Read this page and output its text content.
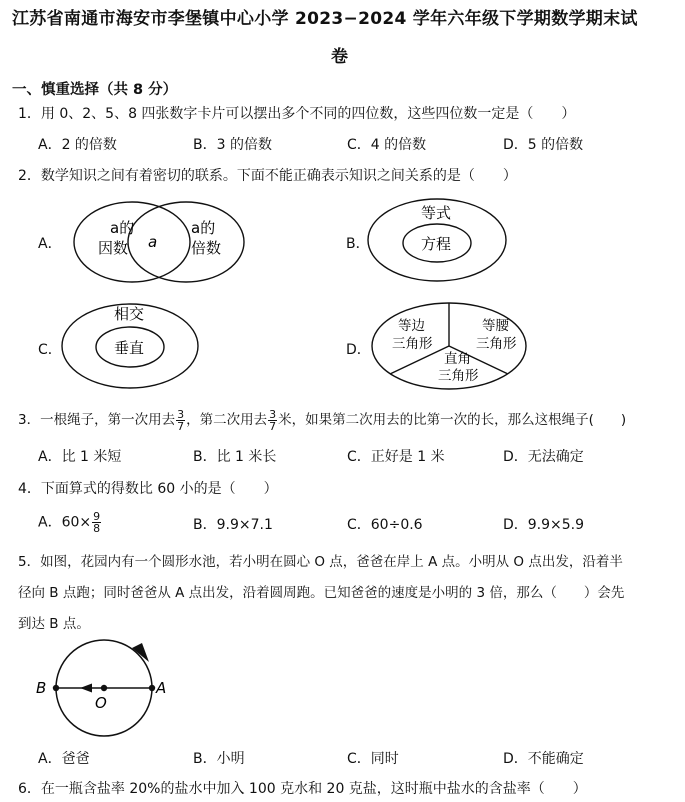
江苏省南通市海安市李堡镇中心小学 2023−2024 学年六年级下学期数学期末试
卷
一、慎重选择（共 8 分）
1．用 0、2、5、8 四张数字卡片可以摆出多个不同的四位数，这些四位数一定是（　　）
A．2 的倍数	B．3 的倍数	C．4 的倍数	D．5 的倍数
2．数学知识之间有着密切的联系。下面不能正确表示知识之间关系的是（　　）
A．
a的
因数 a
a的
倍数	B．
等式
方程
C．
相交
垂直	D．
等边
三角形
等腰
三角形
直角
三角形
3．一根绳子，第一次用去 $\frac{3}{7}$ ，第二次用去 $\frac{3}{7}$ 米，如果第二次用去的比第一次的长，那么这根绳子(　　)
A．比 1 米短	B．比 1 米长	C．正好是 1 米	D．无法确定
4．下面算式的得数比 60 小的是（　　）
A．$60\times \frac{9}{8}$	B．9.9×7.1	C．60÷0.6	D．9.9×5.9
5．如图，花园内有一个圆形水池，若小明在圆心 O 点，爸爸在岸上 A 点。小明从 O 点出发，沿着半
径向 B 点跑；同时爸爸从 A 点出发，沿着圆周跑。已知爸爸的速度是小明的 3 倍，那么（　　）会先
到达 B 点。
B
O
A
A．爸爸	B．小明	C．同时	D．不能确定
6．在一瓶含盐率 20%的盐水中加入 100 克水和 20 克盐，这时瓶中盐水的含盐率（　　）
